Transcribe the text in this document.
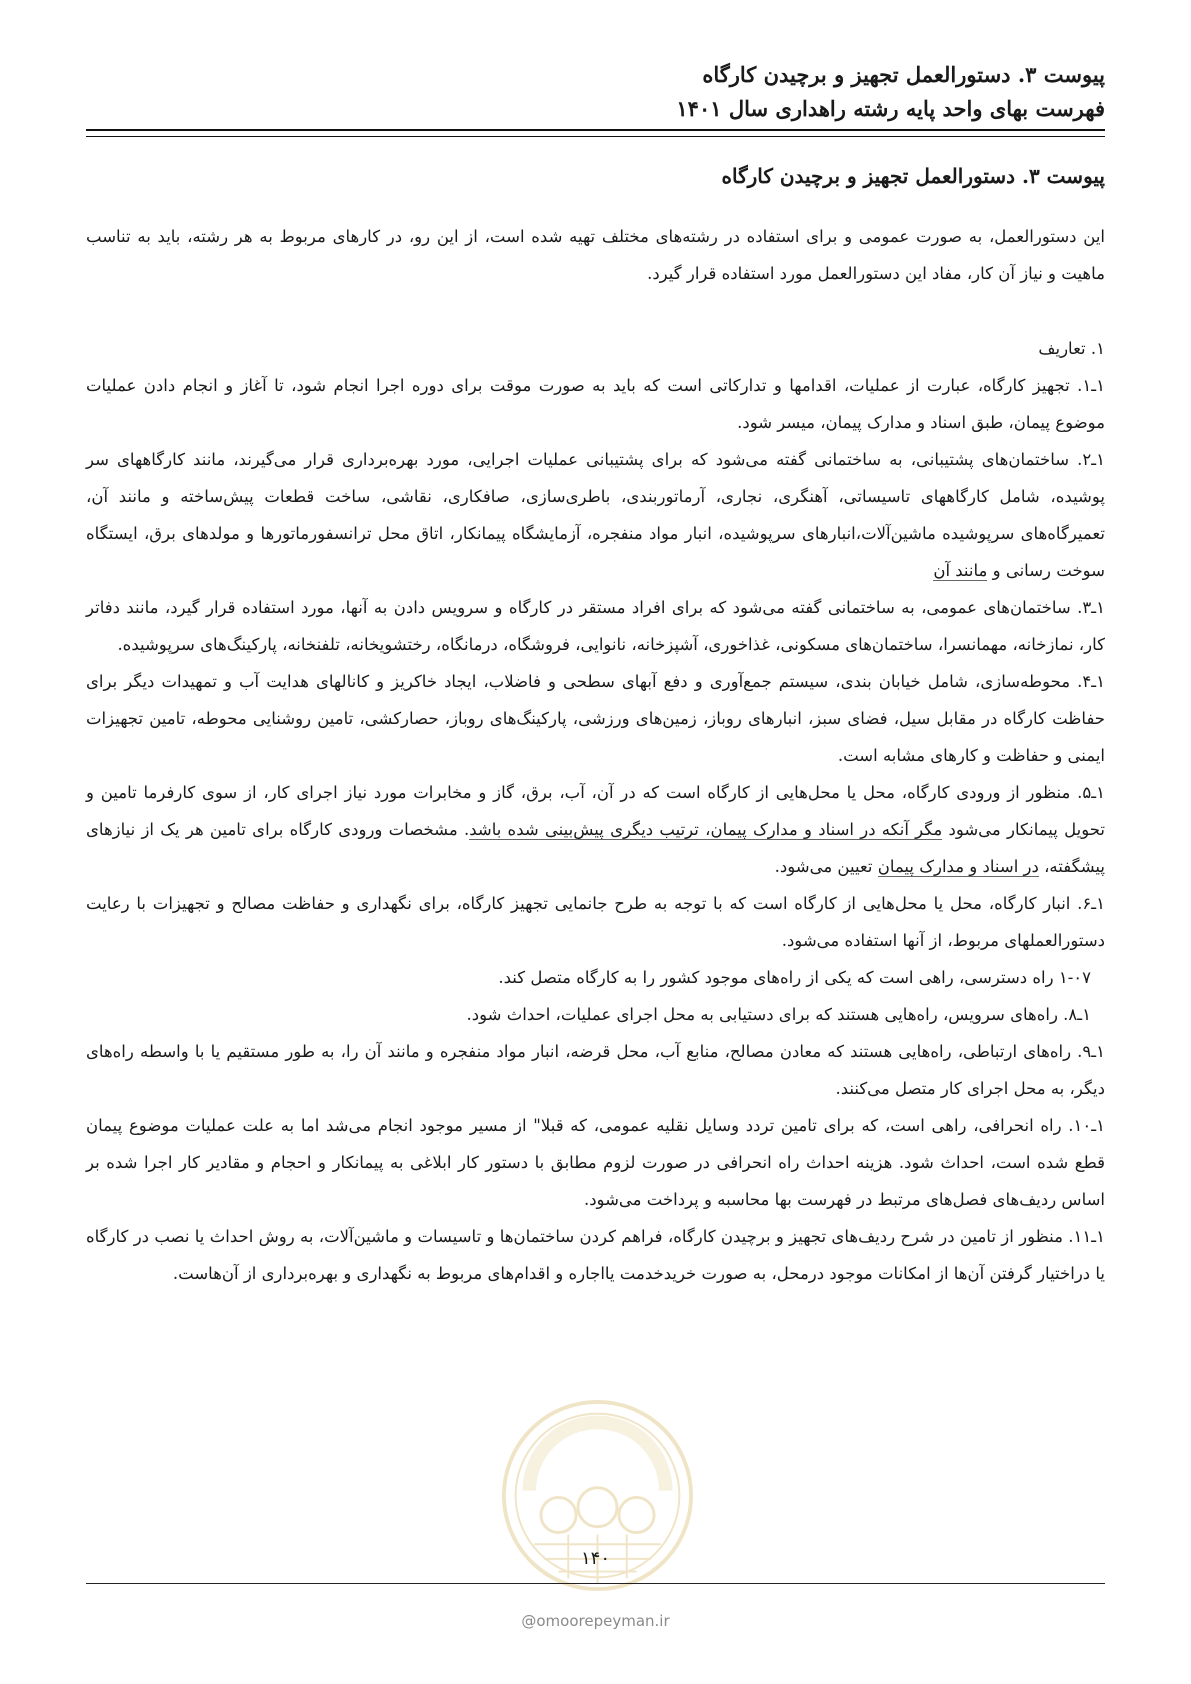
پیوست ۳. دستورالعمل تجهیز و برچیدن کارگاه
فهرست بهای واحد پایه رشته راهداری سال ۱۴۰۱
پیوست ۳. دستورالعمل تجهیز و برچیدن کارگاه

این دستورالعمل، به صورت عمومی و برای استفاده در رشته‌های مختلف تهیه شده است، از این رو، در کارهای مربوط به هر رشته، باید به تناسب ماهیت و نیاز آن کار، مفاد این دستورالعمل مورد استفاده قرار گیرد.

۱. تعاریف

۱ـ۱. تجهیز کارگاه، عبارت از عملیات، اقدامها و تدارکاتی است که باید به صورت موقت برای دوره اجرا انجام شود، تا آغاز و انجام دادن عملیات موضوع پیمان، طبق اسناد و مدارک پیمان، میسر شود.

۱ـ۲. ساختمان‌های پشتیبانی، به ساختمانی گفته می‌شود که برای پشتیبانی عملیات اجرایی، مورد بهره‌برداری قرار می‌گیرند، مانند کارگاههای سر پوشیده، شامل کارگاههای تاسیساتی، آهنگری، نجاری، آرماتوربندی، باطری‌سازی، صافکاری، نقاشی، ساخت قطعات پیش‌ساخته و مانند آن، تعمیرگاه‌های سرپوشیده ماشین‌آلات،انبارهای سرپوشیده، انبار مواد منفجره، آزمایشگاه پیمانکار، اتاق محل ترانسفورماتورها و مولدهای برق، ایستگاه سوخت رسانی و مانند آن

۱ـ۳. ساختمان‌های عمومی، به ساختمانی گفته می‌شود که برای افراد مستقر در کارگاه و سرویس دادن به آنها، مورد استفاده قرار گیرد، مانند دفاتر کار، نمازخانه، مهمانسرا، ساختمان‌های مسکونی، غذاخوری، آشپزخانه، نانوایی، فروشگاه، درمانگاه، رختشویخانه، تلفنخانه، پارکینگ‌های سرپوشیده.

۱ـ۴. محوطه‌سازی، شامل خیابان بندی، سیستم جمع‌آوری و دفع آبهای سطحی و فاضلاب، ایجاد خاکریز و کانالهای هدایت آب و تمهیدات دیگر برای حفاظت کارگاه در مقابل سیل، فضای سبز، انبارهای روباز، زمین‌های ورزشی، پارکینگ‌های روباز، حصارکشی، تامین روشنایی محوطه، تامین تجهیزات ایمنی و حفاظت و کارهای مشابه است.

۱ـ۵. منظور از ورودی کارگاه، محل یا محل‌هایی از کارگاه است که در آن، آب، برق، گاز و مخابرات مورد نیاز اجرای کار، از سوی کارفرما تامین و تحویل پیمانکار می‌شود مگر آنکه در اسناد و مدارک پیمان، ترتیب دیگری پیش‌بینی شده باشد. مشخصات ورودی کارگاه برای تامین هر یک از نیازهای پیشگفته، در اسناد و مدارک پیمان تعیین می‌شود.

۱ـ۶. انبار کارگاه، محل یا محل‌هایی از کارگاه است که با توجه به طرح جانمایی تجهیز کارگاه، برای نگهداری و حفاظت مصالح و تجهیزات با رعایت دستورالعملهای مربوط، از آنها استفاده می‌شود.

۱-۰۷ راه دسترسی، راهی است که یکی از راه‌های موجود کشور را به کارگاه متصل کند.

۱ـ۸. راه‌های سرویس، راه‌هایی هستند که برای دستیابی به محل اجرای عملیات، احداث شود.

۱ـ۹. راه‌های ارتباطی، راه‌هایی هستند که معادن مصالح، منابع آب، محل قرضه، انبار مواد منفجره و مانند آن را، به طور مستقیم یا با واسطه راه‌های دیگر، به محل اجرای کار متصل می‌کنند.

۱ـ۱۰. راه انحرافی، راهی است، که برای تامین تردد وسایل نقلیه عمومی، که قبلا" از مسیر موجود انجام می‌شد اما به علت عملیات موضوع پیمان قطع شده است، احداث شود. هزینه احداث راه انحرافی در صورت لزوم مطابق با دستور کار ابلاغی به پیمانکار و احجام و مقادیر کار اجرا شده بر اساس ردیف‌های فصل‌های مرتبط در فهرست بها محاسبه و پرداخت می‌شود.

۱ـ۱۱. منظور از تامین در شرح ردیف‌های تجهیز و برچیدن کارگاه، فراهم کردن ساختمان‌ها و تاسیسات و ماشین‌آلات، به روش احداث یا نصب در کارگاه یا دراختیار گرفتن آن‌ها از امکانات موجود درمحل، به صورت خریدخدمت یااجاره و اقدام‌های مربوط به نگهداری و بهره‌برداری از آن‌هاست.

۱۴۰
@omoorepeyman.ir
